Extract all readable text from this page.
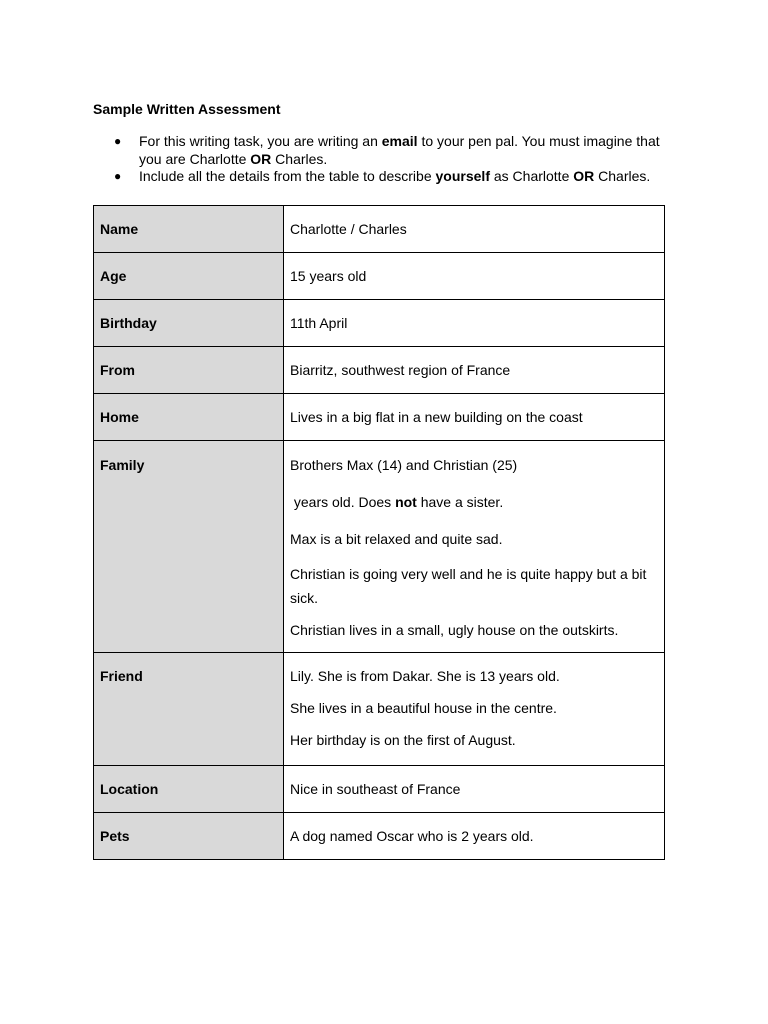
Sample Written Assessment
● For this writing task, you are writing an email to your pen pal. You must imagine that you are Charlotte OR Charles.
● Include all the details from the table to describe yourself as Charlotte OR Charles.
Name	Charlotte / Charles
Age	15 years old
Birthday	11th April
From	Biarritz, southwest region of France
Home	Lives in a big flat in a new building on the coast
Family	Brothers Max (14) and Christian (25)
years old. Does not have a sister.
Max is a bit relaxed and quite sad.
Christian is going very well and he is quite happy but a bit sick.
Christian lives in a small, ugly house on the outskirts.

Friend	Lily. She is from Dakar. She is 13 years old.
She lives in a beautiful house in the centre.
Her birthday is on the first of August.

Location	Nice in southeast of France
Pets	A dog named Oscar who is 2 years old.
